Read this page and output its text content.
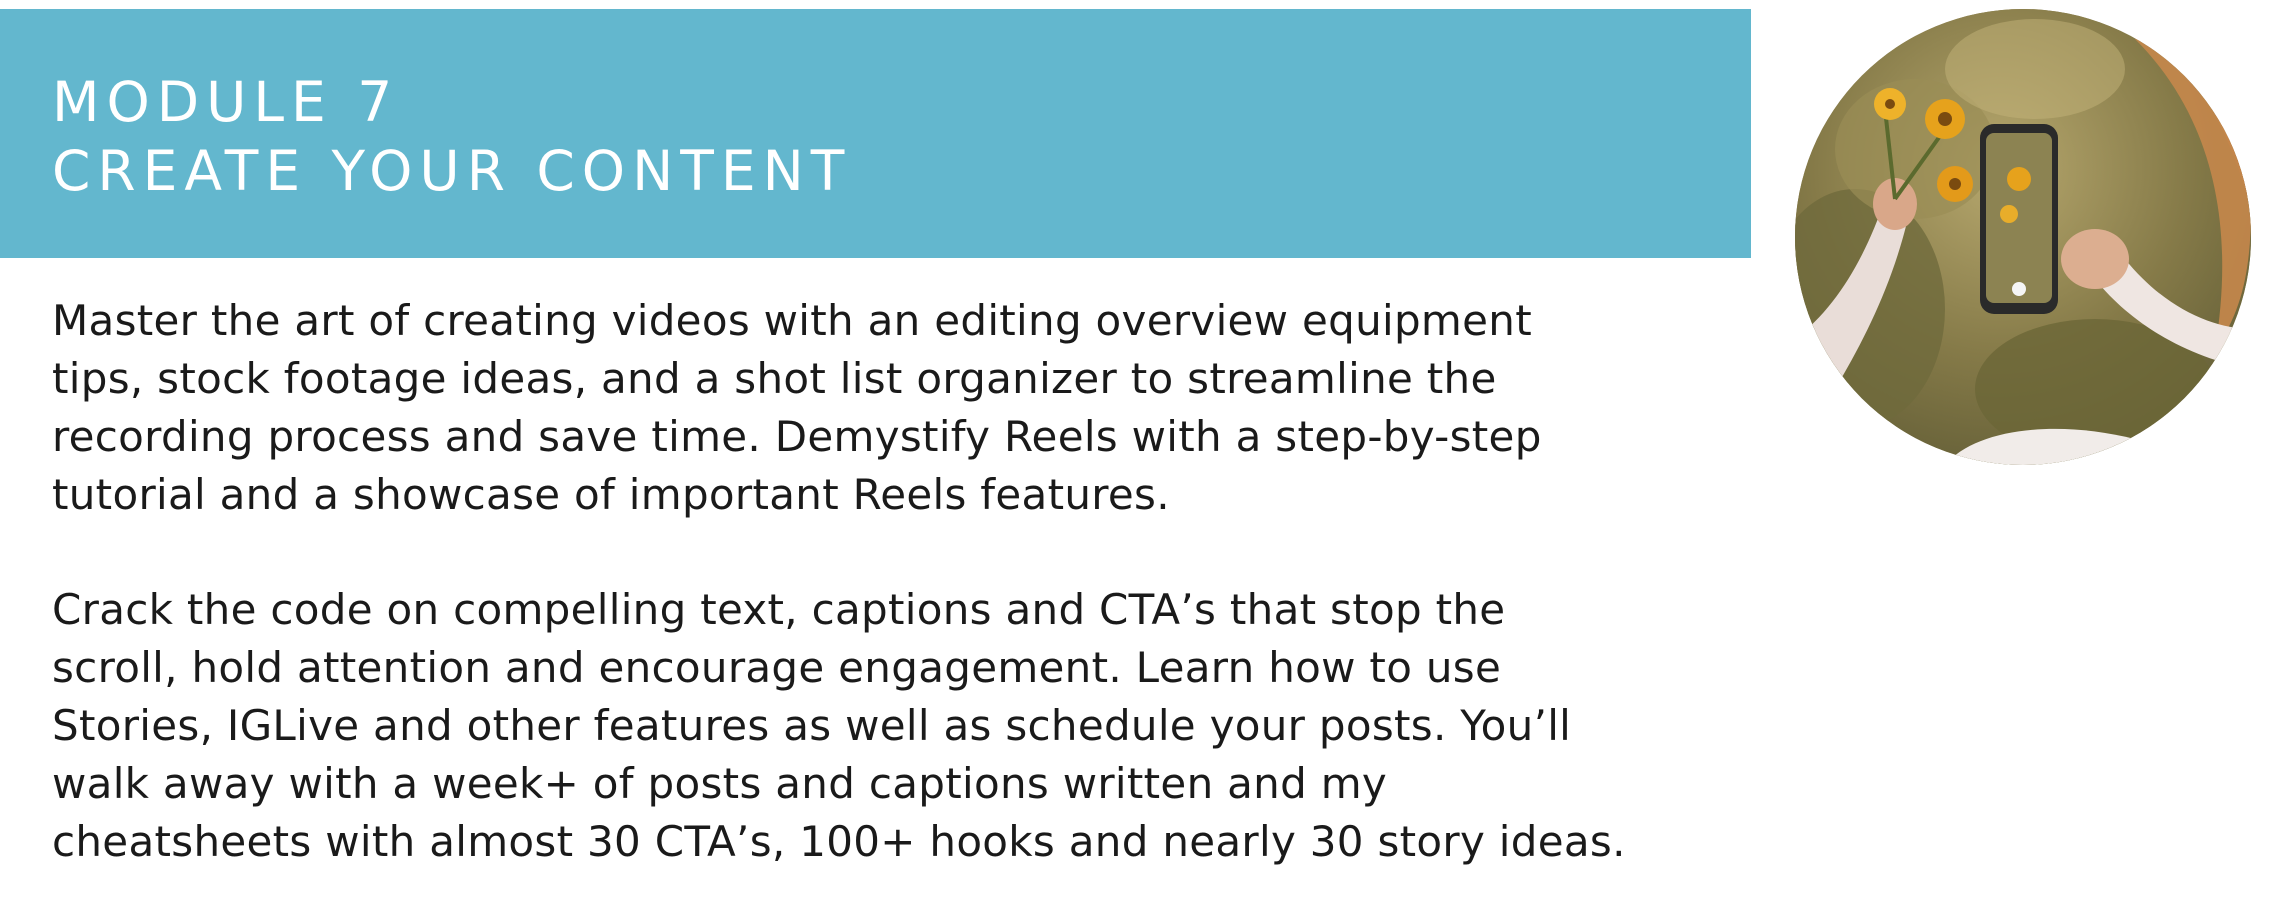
MODULE 7
CREATE YOUR CONTENT

Master the art of creating videos with an editing overview equipment
tips, stock footage ideas, and a shot list organizer to streamline the
recording process and save time. Demystify Reels with a step-by-step
tutorial and a showcase of important Reels features.

Crack the code on compelling text, captions and CTA’s that stop the
scroll, hold attention and encourage engagement. Learn how to use
Stories, IGLive and other features as well as schedule your posts. You’ll
walk away with a week+ of posts and captions written and my
cheatsheets with almost 30 CTA’s, 100+ hooks and nearly 30 story ideas.
